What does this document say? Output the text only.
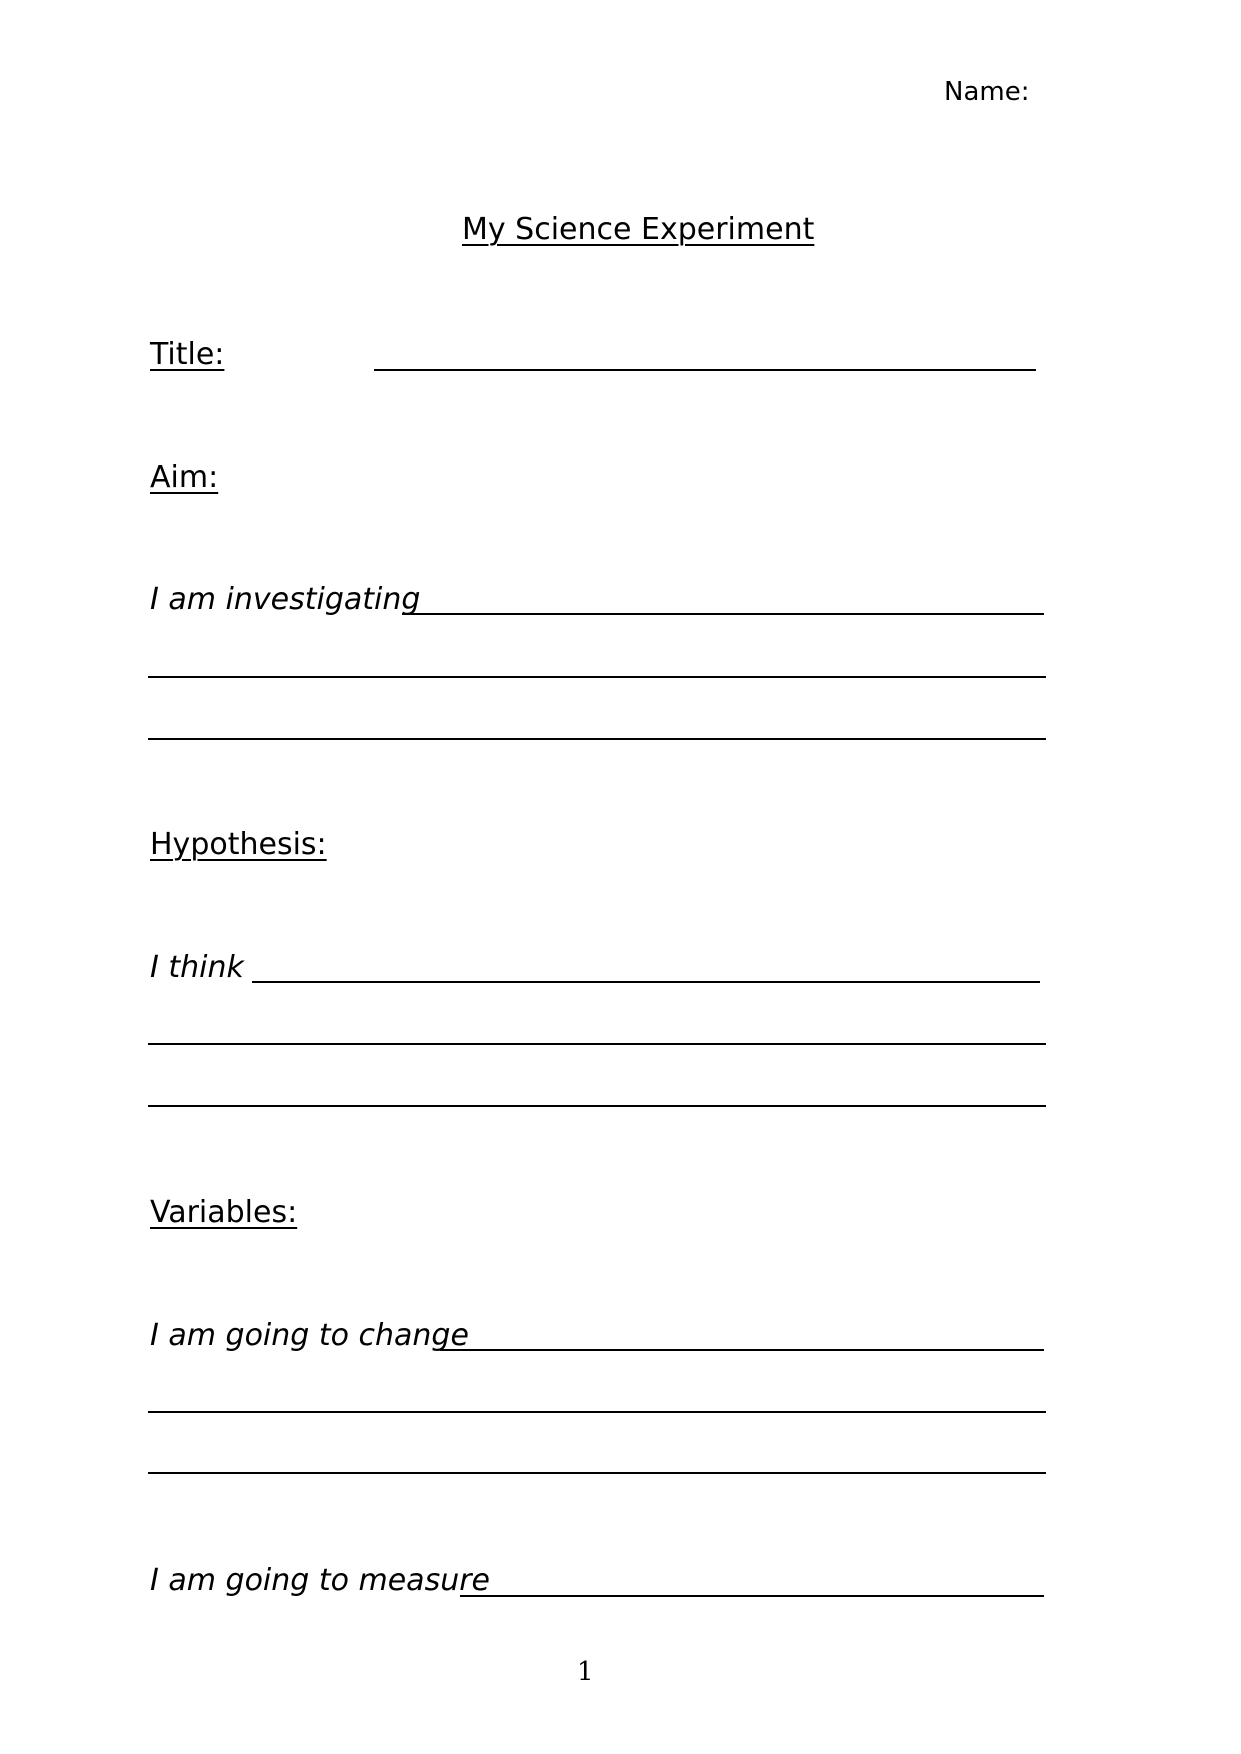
Name:
My Science Experiment
Title:
Aim:
I am investigating
Hypothesis:
I think
Variables:
I am going to change
I am going to measure
1
